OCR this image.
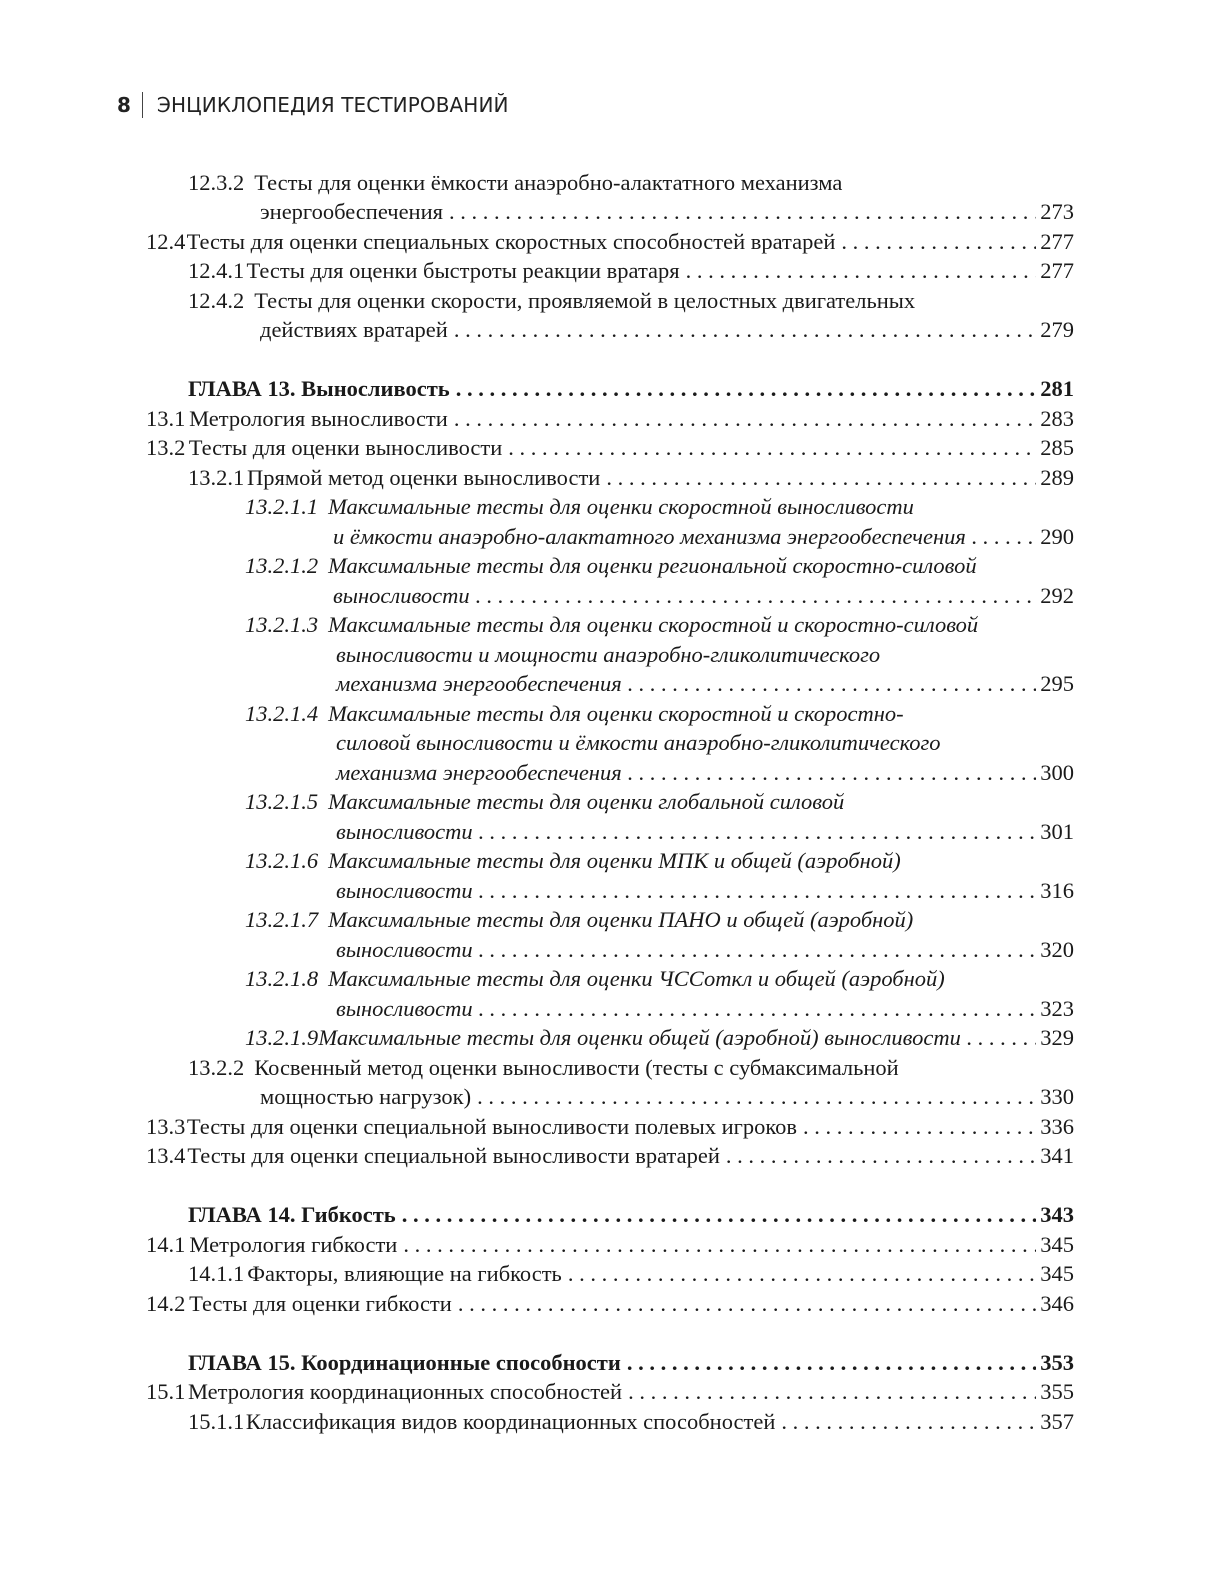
8 ЭНЦИКЛОПЕДИЯ ТЕСТИРОВАНИЙ
12.3.2 Тесты для оценки ёмкости анаэробно-алактатного механизма
энергообеспечения . . .	273
12.4 Тесты для оценки специальных скоростных способностей вратарей . . .	277
12.4.1 Тесты для оценки быстроты реакции вратаря . . .	277
12.4.2 Тесты для оценки скорости, проявляемой в целостных двигательных
действиях вратарей . . .	279
ГЛАВА 13. Выносливость . . .	281
13.1 Метрология выносливости . . .	283
13.2 Тесты для оценки выносливости . . .	285
13.2.1 Прямой метод оценки выносливости . . .	289
13.2.1.1 Максимальные тесты для оценки скоростной выносливости
и ёмкости анаэробно-алактатного механизма энергообеспечения . . .	290
13.2.1.2 Максимальные тесты для оценки региональной скоростно-силовой
выносливости . . .	292
13.2.1.3 Максимальные тесты для оценки скоростной и скоростно-силовой
выносливости и мощности анаэробно-гликолитического
механизма энергообеспечения . . .	295
13.2.1.4 Максимальные тесты для оценки скоростной и скоростно-
силовой выносливости и ёмкости анаэробно-гликолитического
механизма энергообеспечения . . .	300
13.2.1.5 Максимальные тесты для оценки глобальной силовой
выносливости . . .	301
13.2.1.6 Максимальные тесты для оценки МПК и общей (аэробной)
выносливости . . .	316
13.2.1.7 Максимальные тесты для оценки ПАНО и общей (аэробной)
выносливости . . .	320
13.2.1.8 Максимальные тесты для оценки ЧССоткл и общей (аэробной)
выносливости . . .	323
13.2.1.9 Максимальные тесты для оценки общей (аэробной) выносливости . . .	329
13.2.2 Косвенный метод оценки выносливости (тесты с субмаксимальной
мощностью нагрузок) . . .	330
13.3 Тесты для оценки специальной выносливости полевых игроков . . .	336
13.4 Тесты для оценки специальной выносливости вратарей . . .	341
ГЛАВА 14. Гибкость . . .	343
14.1 Метрология гибкости . . .	345
14.1.1 Факторы, влияющие на гибкость . . .	345
14.2 Тесты для оценки гибкости . . .	346
ГЛАВА 15. Координационные способности . . .	353
15.1 Метрология координационных способностей . . .	355
15.1.1 Классификация видов координационных способностей . . .	357
